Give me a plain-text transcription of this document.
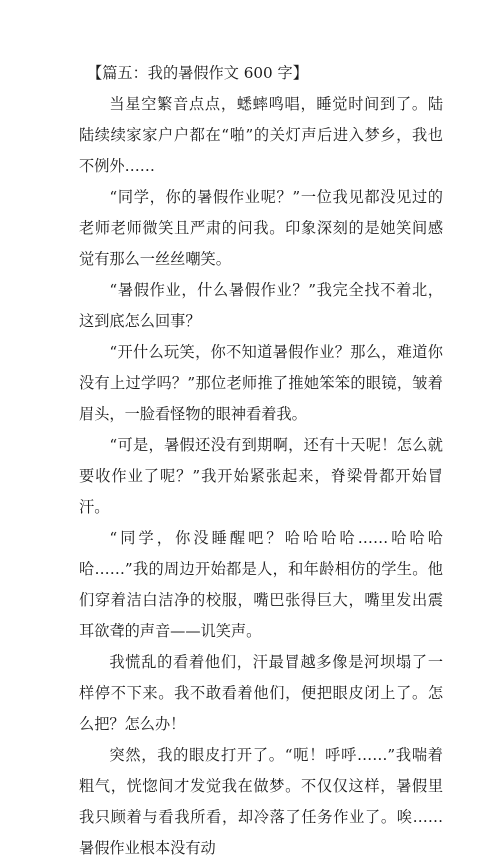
【篇五：我的暑假作文 600 字】

当星空繁音点点，蟋蟀鸣唱，睡觉时间到了。陆陆续续家家户户都在“啪”的关灯声后进入梦乡，我也不例外……

“同学，你的暑假作业呢？”一位我见都没见过的老师老师微笑且严肃的问我。印象深刻的是她笑间感觉有那么一丝丝嘲笑。

“暑假作业，什么暑假作业？”我完全找不着北，这到底怎么回事？

“开什么玩笑，你不知道暑假作业？那么，难道你没有上过学吗？”那位老师推了推她笨笨的眼镜，皱着眉头，一脸看怪物的眼神看着我。

“可是，暑假还没有到期啊，还有十天呢！怎么就要收作业了呢？”我开始紧张起来，脊梁骨都开始冒汗。

“同学，你没睡醒吧？哈哈哈哈……哈哈哈哈……”我的周边开始都是人，和年龄相仿的学生。他们穿着洁白洁净的校服，嘴巴张得巨大，嘴里发出震耳欲聋的声音——讥笑声。

我慌乱的看着他们，汗最冒越多像是河坝塌了一样停不下来。我不敢看着他们，便把眼皮闭上了。怎么把？怎么办！

突然，我的眼皮打开了。“呃！呼呼……”我喘着粗气，恍惚间才发觉我在做梦。不仅仅这样，暑假里我只顾着与看我所看，却冷落了任务作业了。唉……暑假作业根本没有动
